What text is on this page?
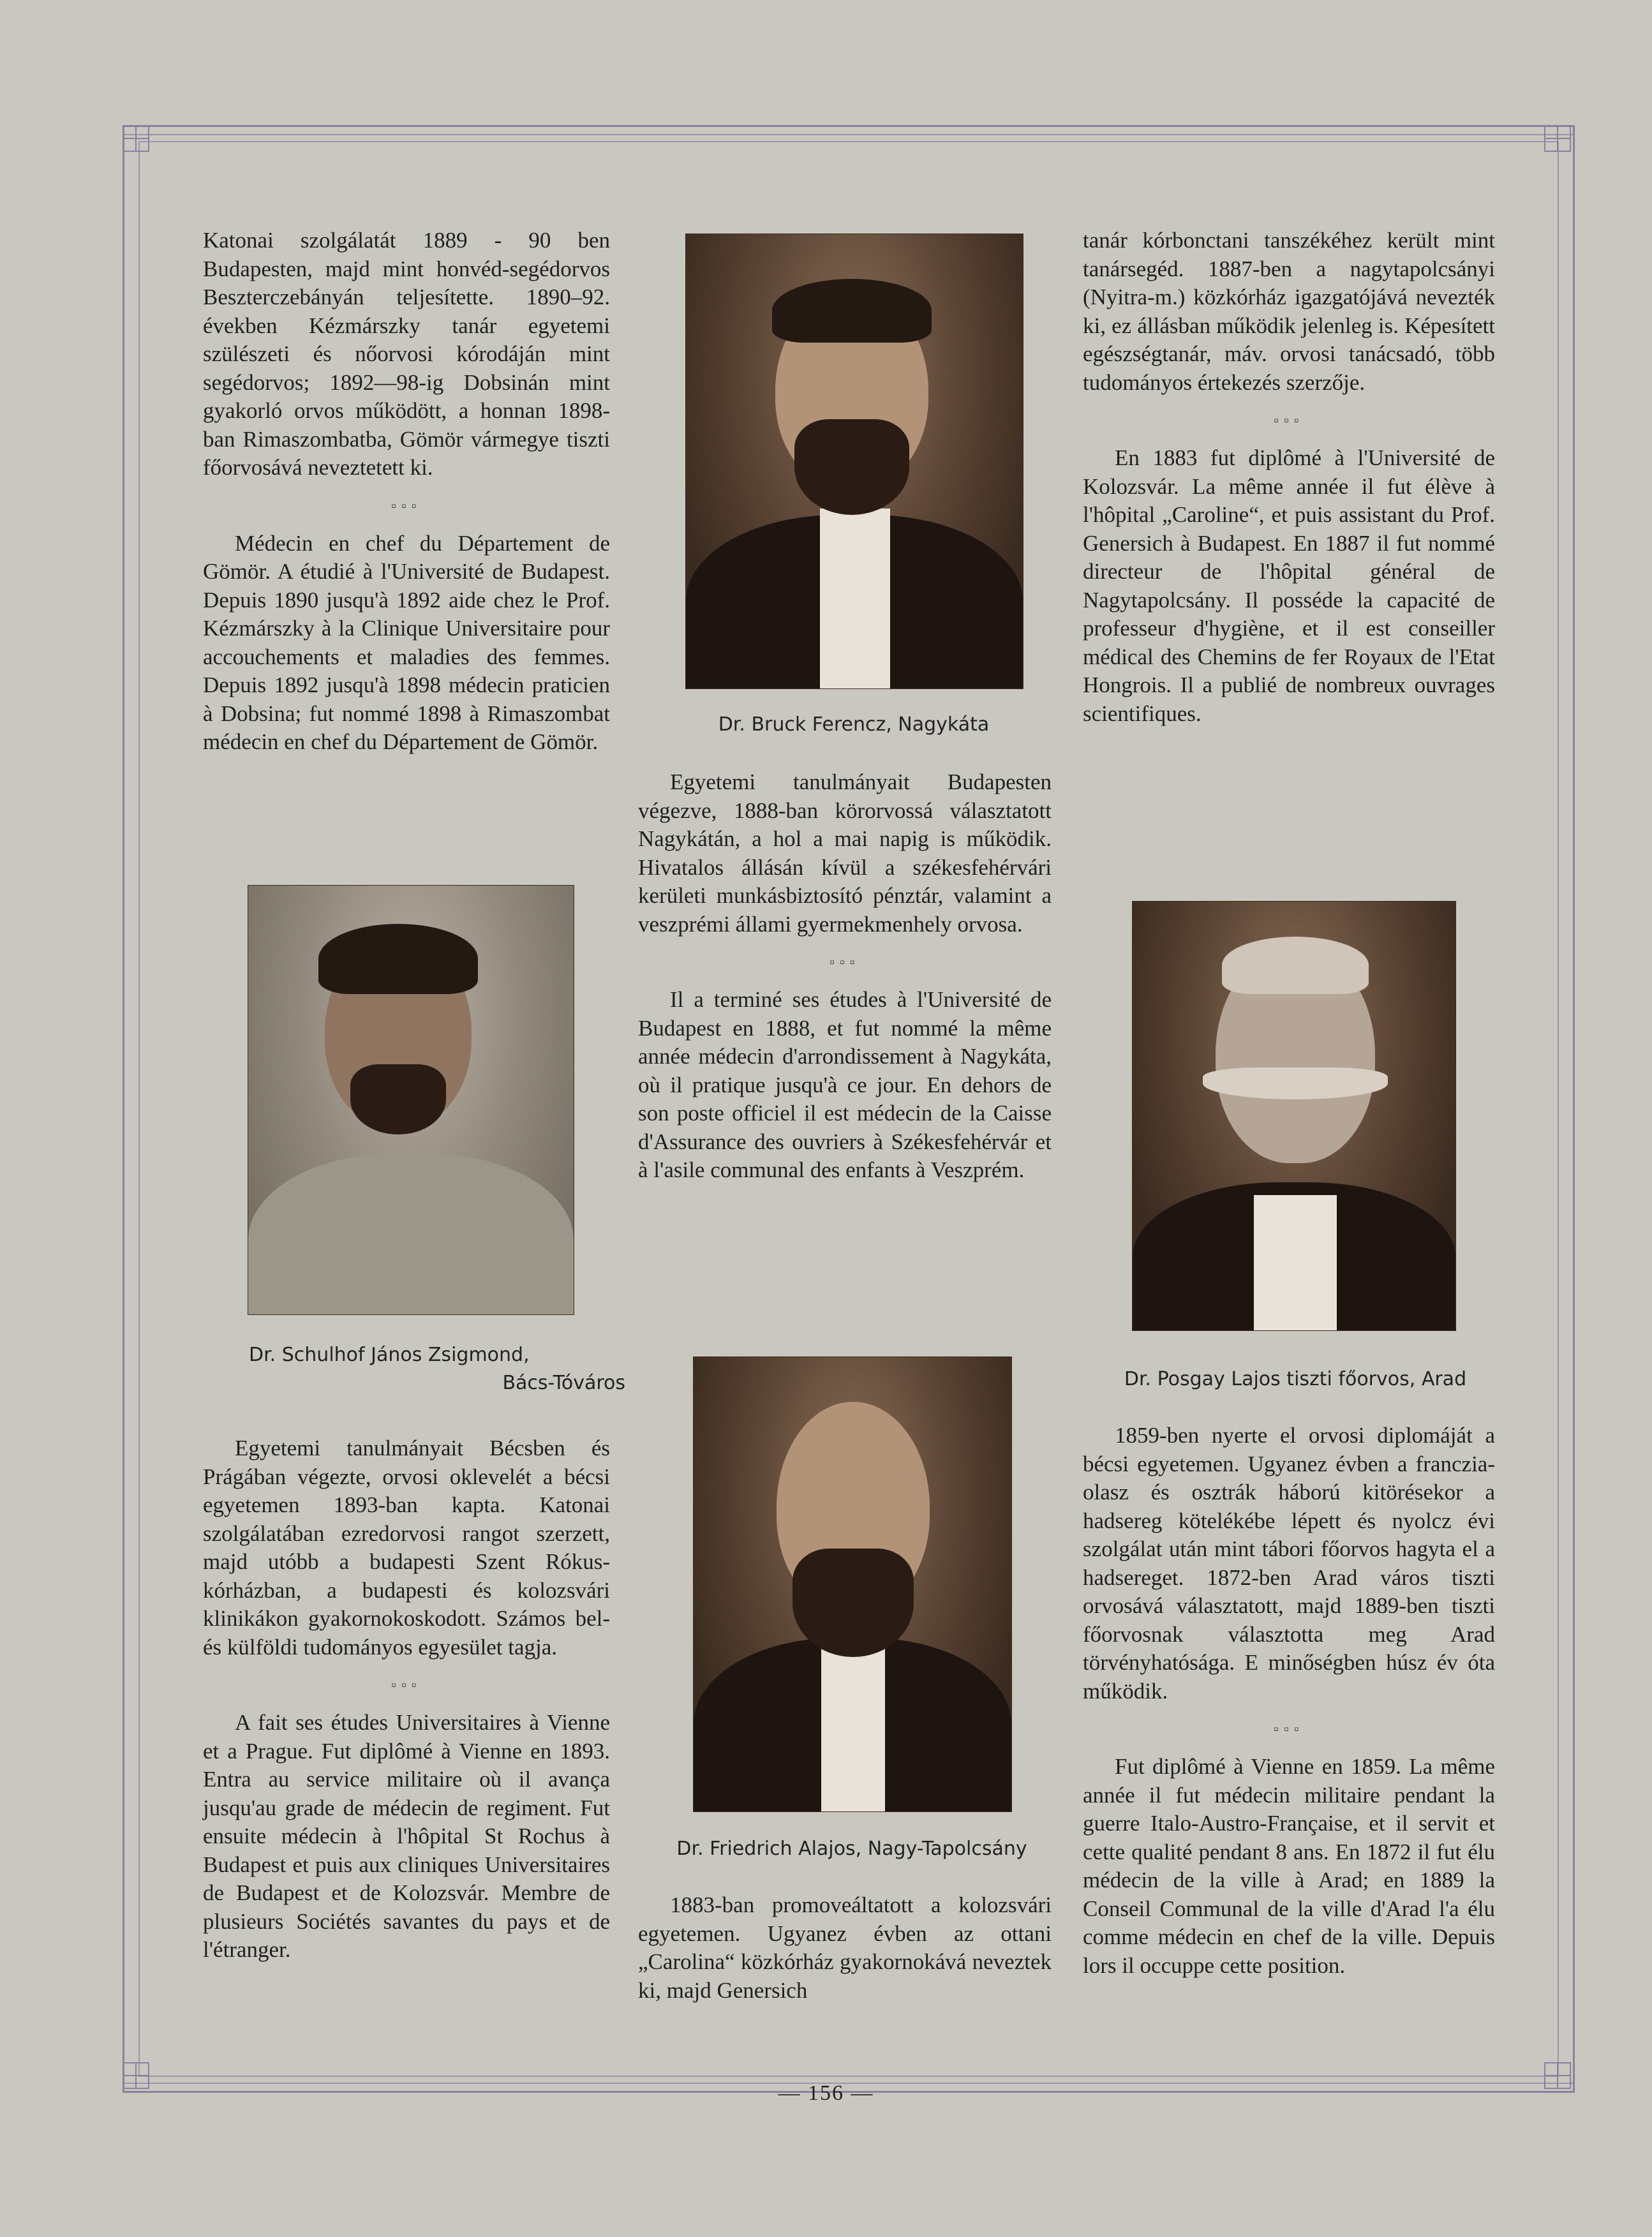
Katonai szolgálatát 1889 - 90 ben Budapesten, majd mint honvéd-segédorvos Beszterczebányán teljesítette. 1890–92. években Kézmárszky tanár egyetemi szülészeti és nőorvosi kórodáján mint segédorvos; 1892—98-ig Dobsinán mint gyakorló orvos működött, a honnan 1898-ban Rimaszombatba, Gömör vármegye tiszti főorvosává neveztetett ki.

▫▫▫

Médecin en chef du Département de Gömör. A étudié à l'Université de Budapest. Depuis 1890 jusqu'à 1892 aide chez le Prof. Kézmárszky à la Clinique Universitaire pour accouchements et maladies des femmes. Depuis 1892 jusqu'à 1898 médecin praticien à Dobsina; fut nommé 1898 à Rimaszombat médecin en chef du Département de Gömör.

Dr. Schulhof János Zsigmond,
Bács-Tóváros

Egyetemi tanulmányait Bécsben és Prágában végezte, orvosi oklevelét a bécsi egyetemen 1893-ban kapta. Katonai szolgálatában ezredorvosi rangot szerzett, majd utóbb a budapesti Szent Rókus-kórházban, a budapesti és kolozsvári klinikákon gyakornokoskodott. Számos bel- és külföldi tudományos egyesület tagja.

▫▫▫

A fait ses études Universitaires à Vienne et a Prague. Fut diplômé à Vienne en 1893. Entra au service militaire où il avança jusqu'au grade de médecin de regiment. Fut ensuite médecin à l'hôpital St Rochus à Budapest et puis aux cliniques Universitaires de Budapest et de Kolozsvár. Membre de plusieurs Sociétés savantes du pays et de l'étranger.

Dr. Bruck Ferencz, Nagykáta

Egyetemi tanulmányait Budapesten végezve, 1888-ban körorvossá választatott Nagykátán, a hol a mai napig is működik. Hivatalos állásán kívül a székesfehérvári kerületi munkásbiztosító pénztár, valamint a veszprémi állami gyermekmenhely orvosa.

▫▫▫

Il a terminé ses études à l'Université de Budapest en 1888, et fut nommé la même année médecin d'arrondissement à Nagykáta, où il pratique jusqu'à ce jour. En dehors de son poste officiel il est médecin de la Caisse d'Assurance des ouvriers à Székesfehérvár et à l'asile communal des enfants à Veszprém.

Dr. Friedrich Alajos, Nagy-Tapolcsány

1883-ban promoveáltatott a kolozsvári egyetemen. Ugyanez évben az ottani „Carolina“ közkórház gyakornokává neveztek ki, majd Genersich

tanár kórbonctani tanszékéhez került mint tanársegéd. 1887-ben a nagytapolcsányi (Nyitra-m.) közkórház igazgatójává nevezték ki, ez állásban működik jelenleg is. Képesített egészségtanár, máv. orvosi tanácsadó, több tudományos értekezés szerzője.

▫▫▫

En 1883 fut diplômé à l'Université de Kolozsvár. La même année il fut élève à l'hôpital „Caroline“, et puis assistant du Prof. Genersich à Budapest. En 1887 il fut nommé directeur de l'hôpital général de Nagytapolcsány. Il posséde la capacité de professeur d'hygiène, et il est conseiller médical des Chemins de fer Royaux de l'Etat Hongrois. Il a publié de nombreux ouvrages scientifiques.

Dr. Posgay Lajos tiszti főorvos, Arad

1859-ben nyerte el orvosi diplomáját a bécsi egyetemen. Ugyanez évben a franczia-olasz és osztrák háború kitörésekor a hadsereg kötelékébe lépett és nyolcz évi szolgálat után mint tábori főorvos hagyta el a hadsereget. 1872-ben Arad város tiszti orvosává választatott, majd 1889-ben tiszti főorvosnak választotta meg Arad törvényhatósága. E minőségben húsz év óta működik.

▫▫▫

Fut diplômé à Vienne en 1859. La même année il fut médecin militaire pendant la guerre Italo-Austro-Française, et il servit et cette qualité pendant 8 ans. En 1872 il fut élu médecin de la ville à Arad; en 1889 la Conseil Communal de la ville d'Arad l'a élu comme médecin en chef de la ville. Depuis lors il occuppe cette position.

— 156 —
